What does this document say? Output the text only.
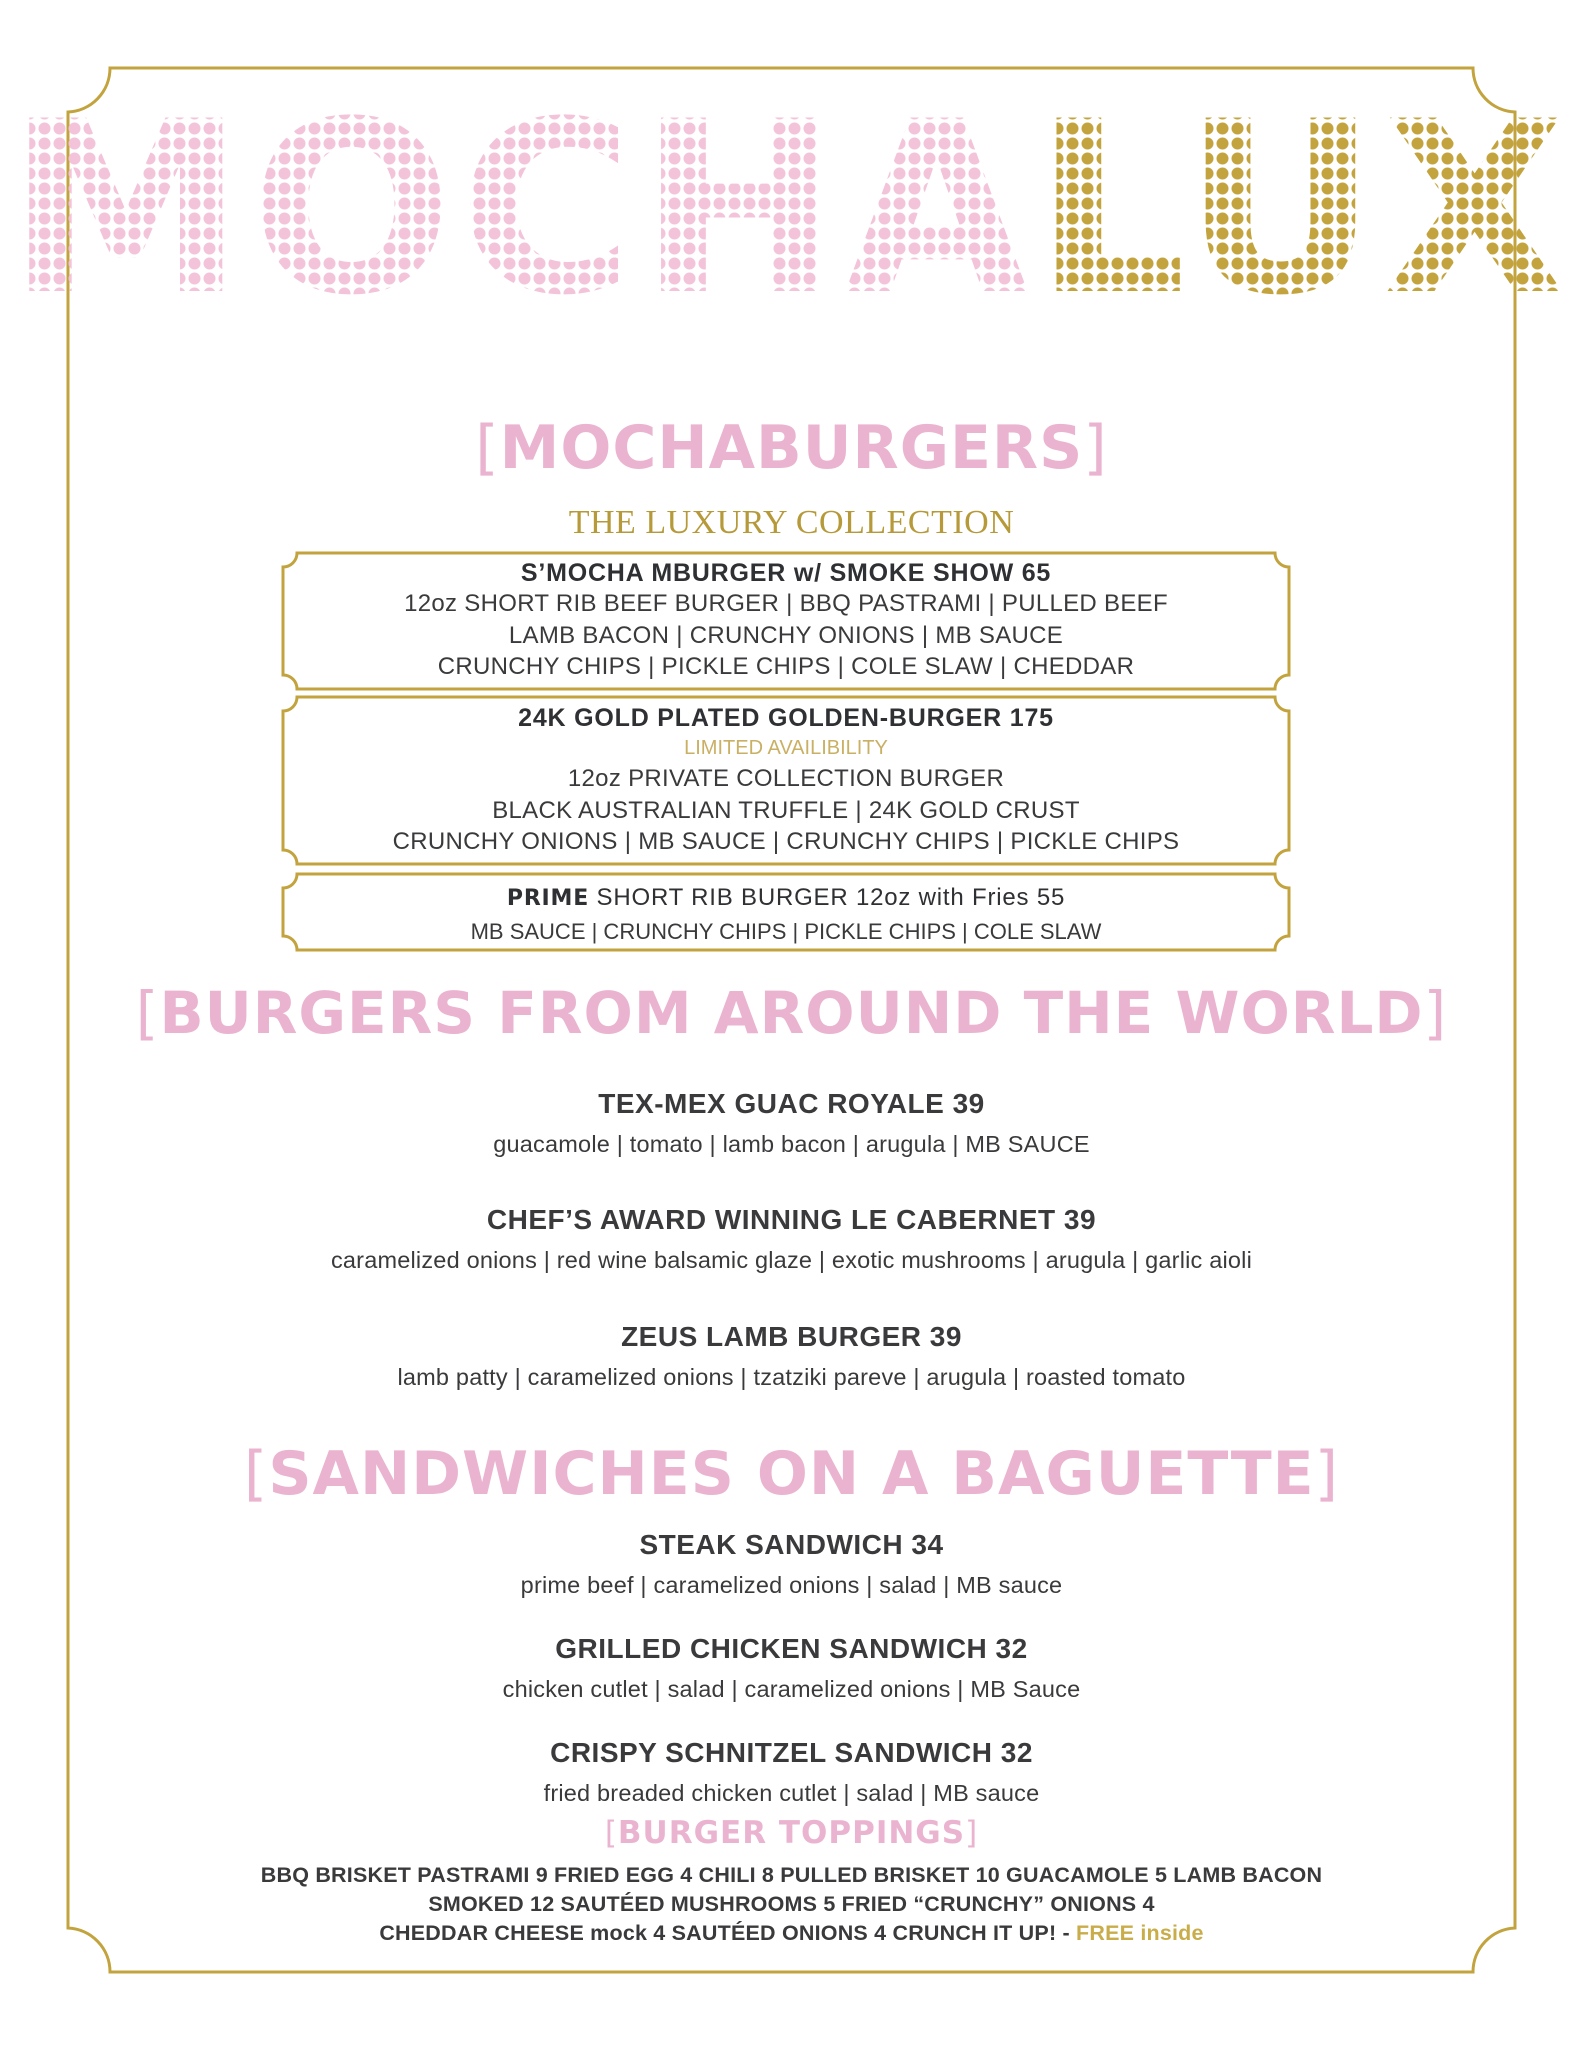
MOCHA LUX
[MOCHABURGERS]
THE LUXURY COLLECTION
S’MOCHA MBURGER w/ SMOKE SHOW 65
12oz SHORT RIB BEEF BURGER | BBQ PASTRAMI | PULLED BEEF
LAMB BACON | CRUNCHY ONIONS | MB SAUCE
CRUNCHY CHIPS | PICKLE CHIPS | COLE SLAW | CHEDDAR
24K GOLD PLATED GOLDEN-BURGER 175
LIMITED AVAILIBILITY
12oz PRIVATE COLLECTION BURGER
BLACK AUSTRALIAN TRUFFLE | 24K GOLD CRUST
CRUNCHY ONIONS | MB SAUCE | CRUNCHY CHIPS | PICKLE CHIPS
PRIME SHORT RIB BURGER 12oz with Fries 55
MB SAUCE | CRUNCHY CHIPS | PICKLE CHIPS | COLE SLAW
[BURGERS FROM AROUND THE WORLD]
TEX-MEX GUAC ROYALE 39
guacamole | tomato | lamb bacon | arugula | MB SAUCE
CHEF’S AWARD WINNING LE CABERNET 39
caramelized onions | red wine balsamic glaze | exotic mushrooms | arugula | garlic aioli
ZEUS LAMB BURGER 39
lamb patty | caramelized onions | tzatziki pareve | arugula | roasted tomato
[SANDWICHES ON A BAGUETTE]
STEAK SANDWICH 34
prime beef | caramelized onions | salad | MB sauce
GRILLED CHICKEN SANDWICH 32
chicken cutlet | salad | caramelized onions | MB Sauce
CRISPY SCHNITZEL SANDWICH 32
fried breaded chicken cutlet | salad | MB sauce
[BURGER TOPPINGS]
BBQ BRISKET PASTRAMI 9 FRIED EGG 4 CHILI 8 PULLED BRISKET 10 GUACAMOLE 5 LAMB BACON
SMOKED 12 SAUTÉED MUSHROOMS 5 FRIED “CRUNCHY” ONIONS 4
CHEDDAR CHEESE mock 4 SAUTÉED ONIONS 4 CRUNCH IT UP! - FREE inside
